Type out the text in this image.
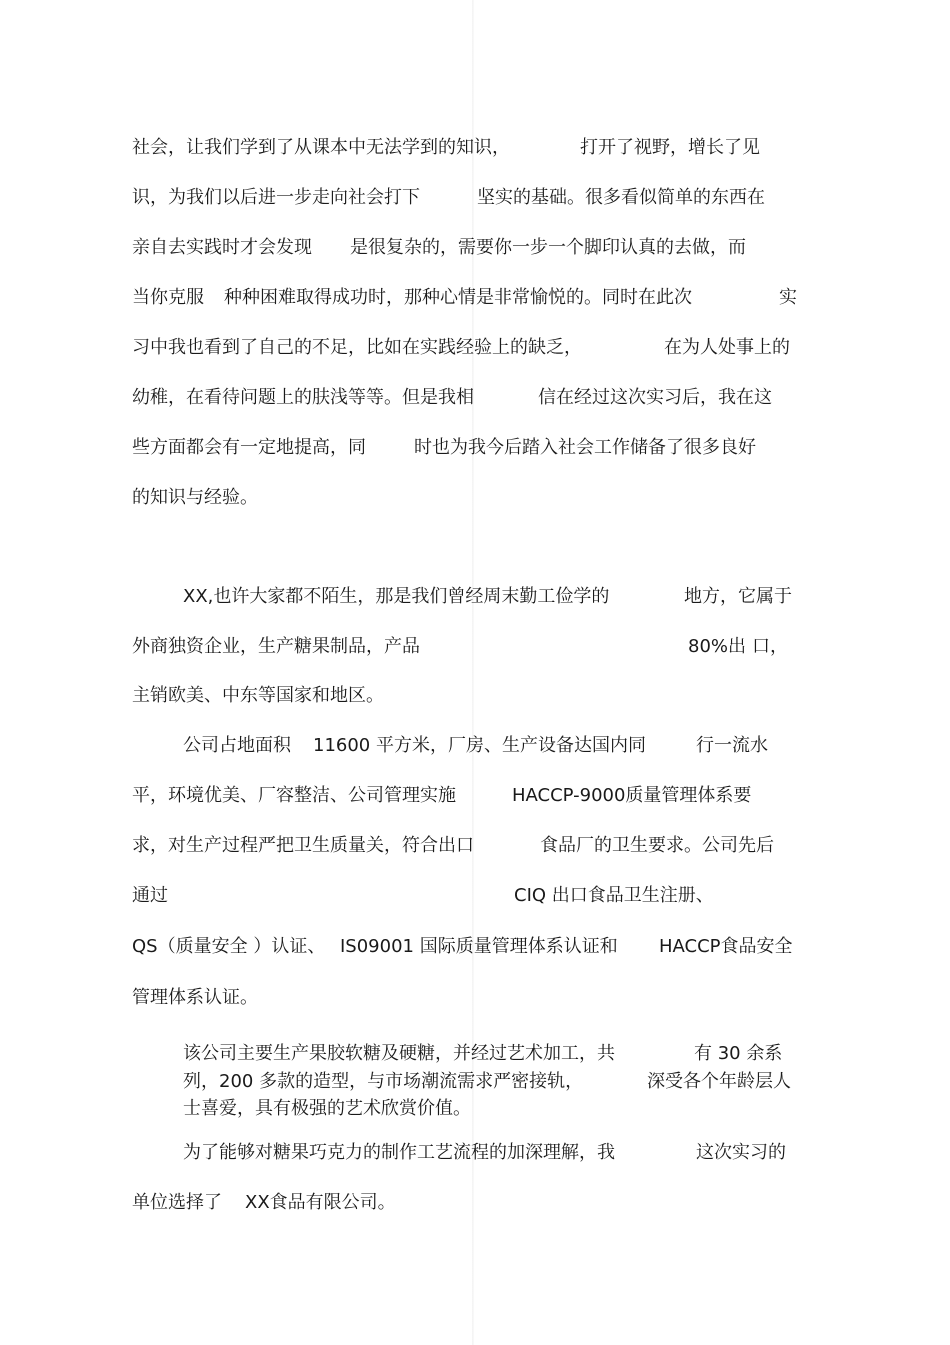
社会，让我们学到了从课本中无法学到的知识，	打开了视野，增长了见

识，为我们以后进一步走向社会打下	坚实的基础。很多看似简单的东西在

亲自去实践时才会发现 是很复杂的，需要你一步一个脚印认真的去做，而

当你克服 种种困难取得成功时，那种心情是非常愉悦的。同时在此次	实

习中我也看到了自己的不足，比如在实践经验上的缺乏，	在为人处事上的

幼稚，在看待问题上的肤浅等等。但是我相	信在经过这次实习后，我在这

些方面都会有一定地提高，同	时也为我今后踏入社会工作储备了很多良好

的知识与经验。

XX,也许大家都不陌生，那是我们曾经周末勤工俭学的	地方，它属于

外商独资企业，生产糖果制品，产品	80%出 口，

主销欧美、中东等国家和地区。

公司占地面积 11600 平方米，厂房、生产设备达国内同	行一流水

平，环境优美、厂容整洁、公司管理实施	HACCP-9000质量管理体系要

求，对生产过程严把卫生质量关，符合出口	食品厂的卫生要求。公司先后

通过	CIQ 出口食品卫生注册、

QS（质量安全 ）认证、 IS09001 国际质量管理体系认证和 HACCP食品安全

管理体系认证。

该公司主要生产果胶软糖及硬糖，并经过艺术加工，共	有 30 余系

列，200 多款的造型，与市场潮流需求严密接轨，	深受各个年龄层人

士喜爱，具有极强的艺术欣赏价值。

为了能够对糖果巧克力的制作工艺流程的加深理解，我	这次实习的

单位选择了 XX食品有限公司。
